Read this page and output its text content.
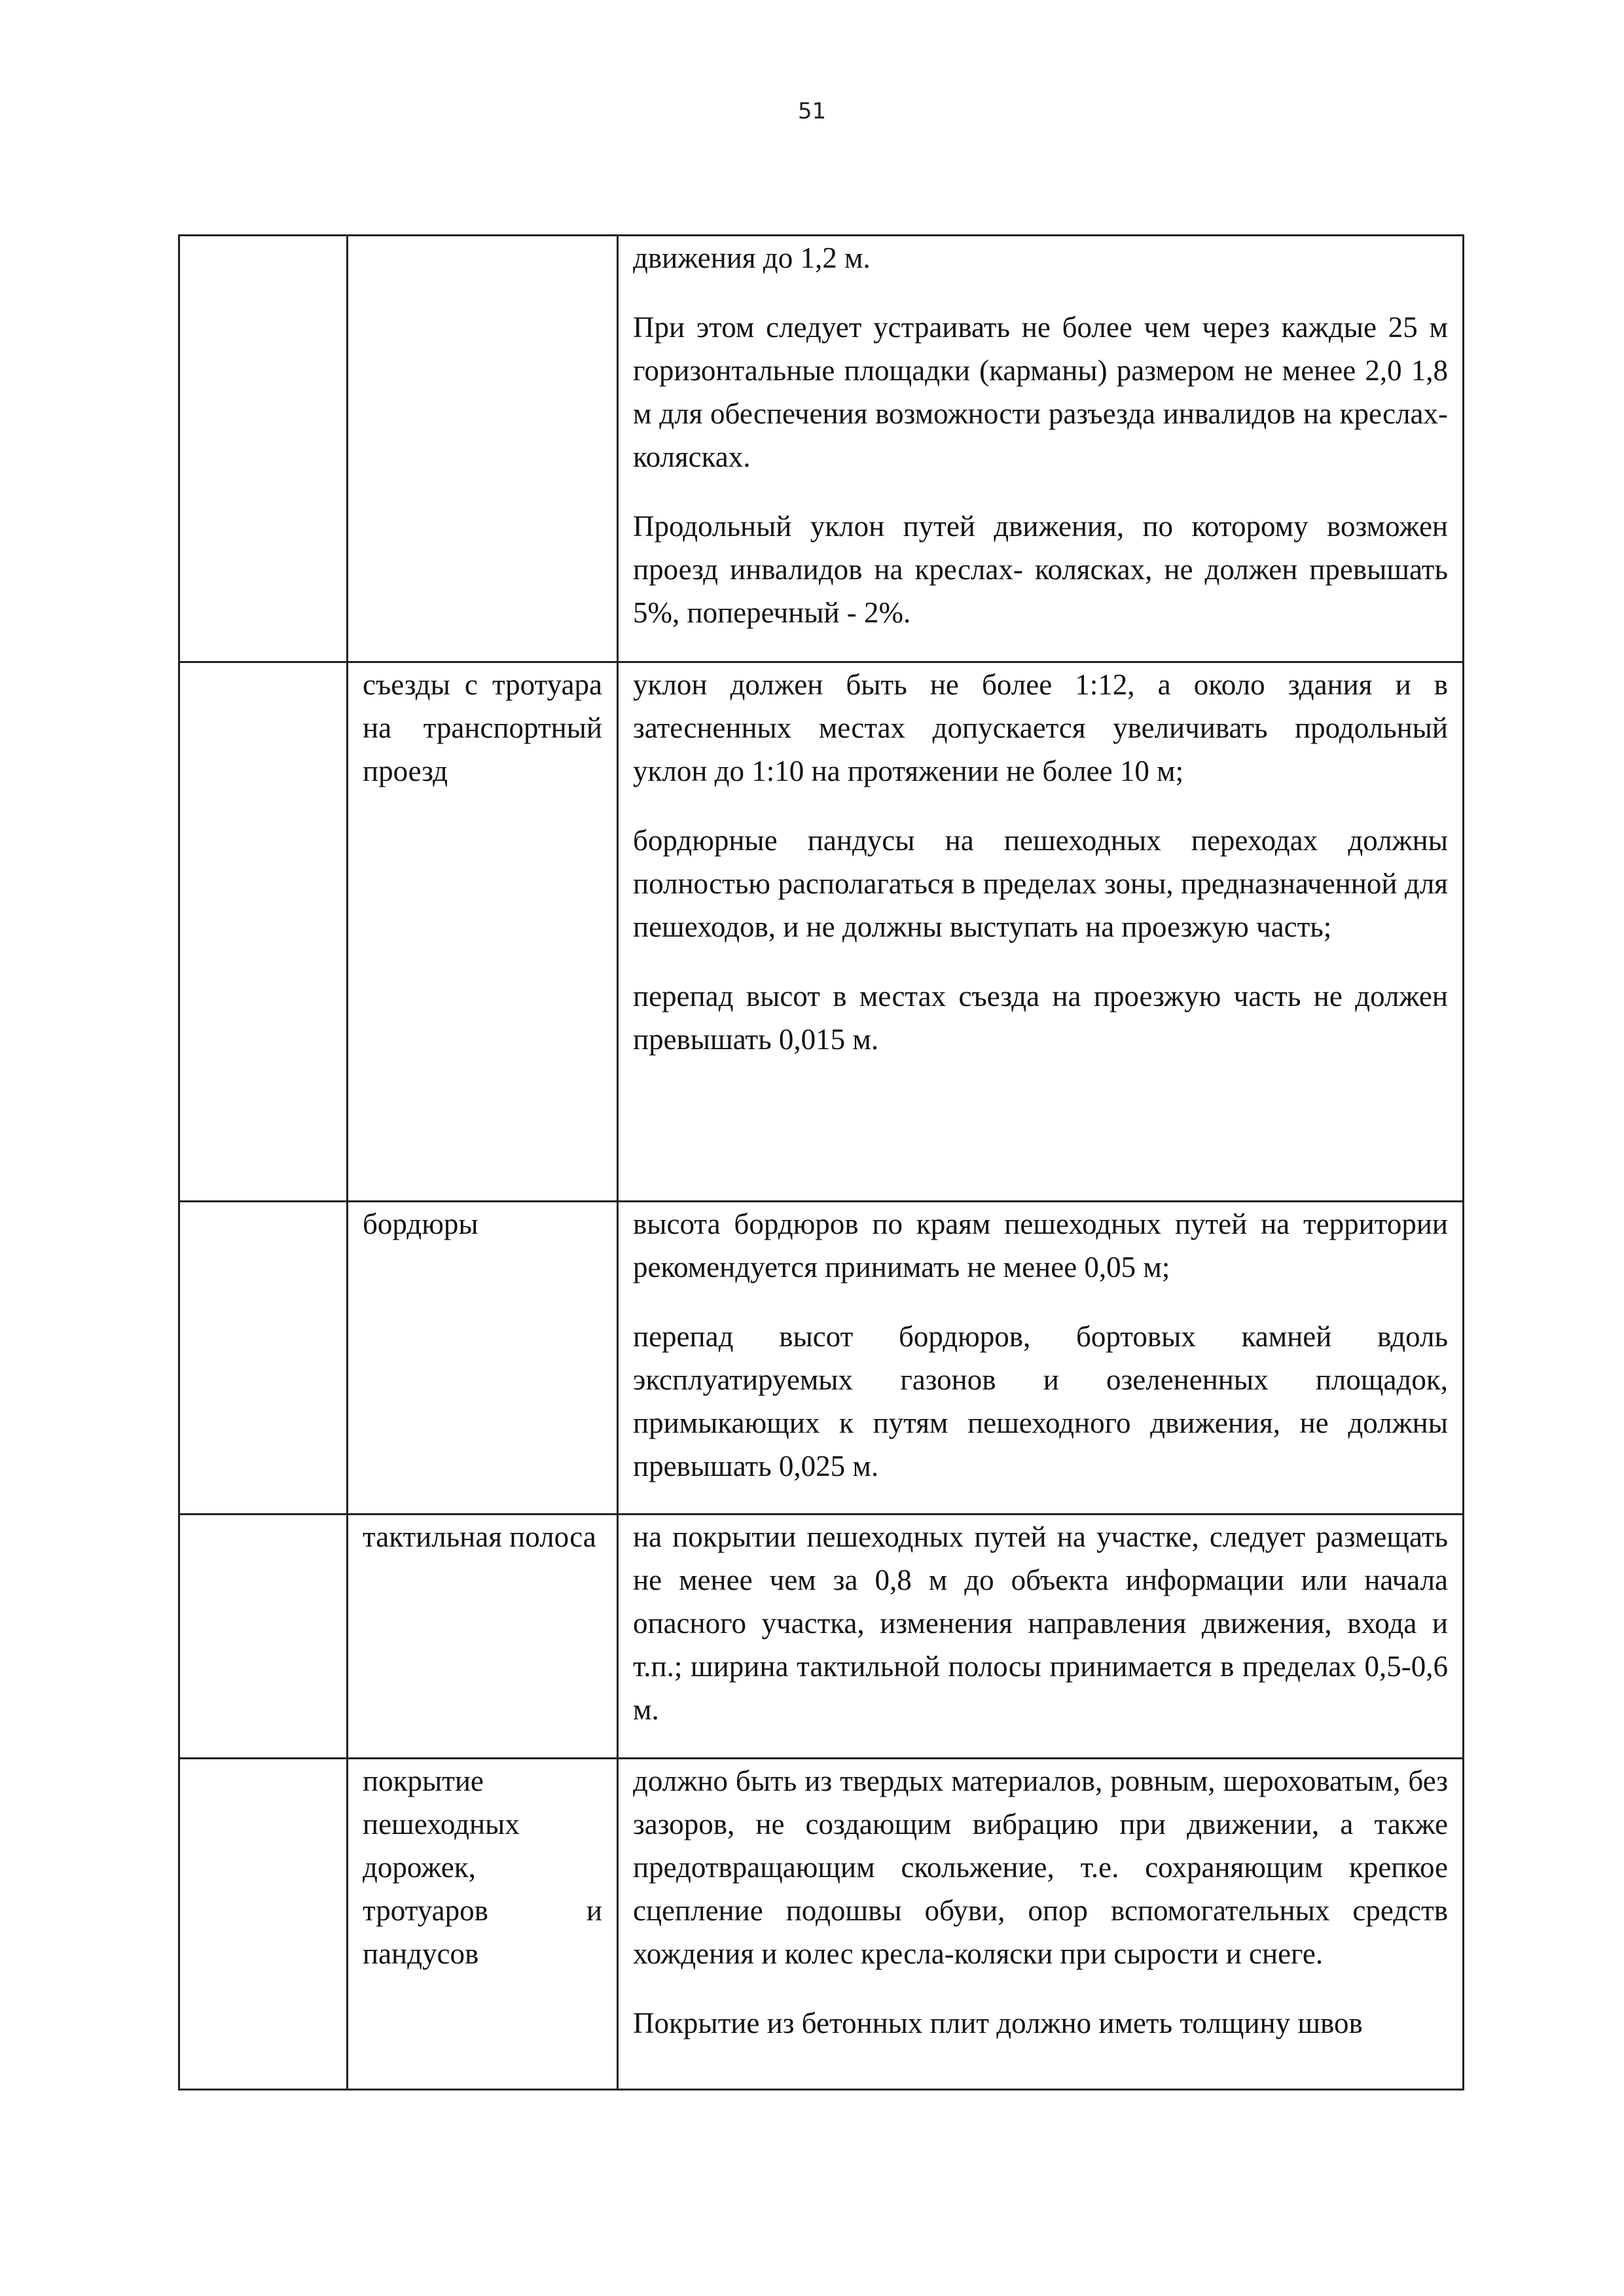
51

		движения до 1,2 м.

При этом следует устраивать не более чем через каждые 25 м горизонтальные площадки (карманы) размером не менее 2,0 1,8 м для обеспечения возможности разъезда инвалидов на креслах-колясках.

Продольный уклон путей движения, по которому возможен проезд инвалидов на креслах- колясках, не должен превышать 5%, поперечный - 2%.

	съезды с тротуара на транспортный проезд	уклон должен быть не более 1:12, а около здания и в затесненных местах допускается увеличивать продольный уклон до 1:10 на протяжении не более 10 м;

бордюрные пандусы на пешеходных переходах должны полностью располагаться в пределах зоны, предназначенной для пешеходов, и не должны выступать на проезжую часть;

перепад высот в местах съезда на проезжую часть не должен превышать 0,015 м.

	бордюры	высота бордюров по краям пешеходных путей на территории рекомендуется принимать не менее 0,05 м;

перепад высот бордюров, бортовых камней вдоль эксплуатируемых газонов и озелененных площадок, примыкающих к путям пешеходного движения, не должны превышать 0,025 м.

	тактильная полоса	на покрытии пешеходных путей на участке, следует размещать не менее чем за 0,8 м до объекта информации или начала опасного участка, изменения направления движения, входа и т.п.; ширина тактильной полосы принимается в пределах 0,5-0,6 м.

	покрытие пешеходных дорожек, тротуаров и пандусов	должно быть из твердых материалов, ровным, шероховатым, без зазоров, не создающим вибрацию при движении, а также предотвращающим скольжение, т.е. сохраняющим крепкое сцепление подошвы обуви, опор вспомогательных средств хождения и колес кресла-коляски при сырости и снеге.

Покрытие из бетонных плит должно иметь толщину швов
